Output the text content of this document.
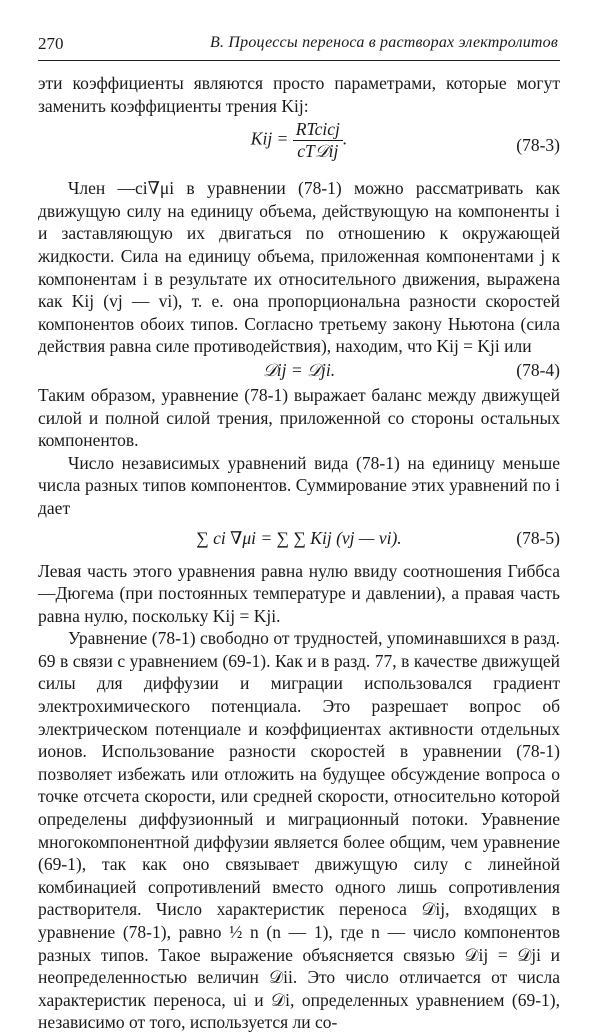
270	В. Процессы переноса в растворах электролитов

эти коэффициенты являются просто параметрами, которые могут заменить коэффициенты трения Kij:

Kij = $\frac{\text{RTcicj}}{\text{cT𝒟ij}}$ .	(78-3)

Член —ci∇μi в уравнении (78-1) можно рассматривать как движущую силу на единицу объема, действующую на компоненты i и заставляющую их двигаться по отношению к окружающей жидкости. Сила на единицу объема, приложенная компонентами j к компонентам i в результате их относительного движения, выражена как Kij (vj — vi), т. е. она пропорциональна разности скоростей компонентов обоих типов. Согласно третьему закону Ньютона (сила действия равна силе противодействия), находим, что Kij = Kji или

𝒟ij = 𝒟ji.	(78-4)

Таким образом, уравнение (78-1) выражает баланс между движущей силой и полной силой трения, приложенной со стороны остальных компонентов.

Число независимых уравнений вида (78-1) на единицу меньше числа разных типов компонентов. Суммирование этих уравнений по i дает

∑ ci ∇μi = ∑ ∑ Kij (vj — vi).	(78-5)

Левая часть этого уравнения равна нулю ввиду соотношения Гиббса—Дюгема (при постоянных температуре и давлении), а правая часть равна нулю, поскольку Kij = Kji.

Уравнение (78-1) свободно от трудностей, упоминавшихся в разд. 69 в связи с уравнением (69-1). Как и в разд. 77, в качестве движущей силы для диффузии и миграции использовался градиент электрохимического потенциала. Это разрешает вопрос об электрическом потенциале и коэффициентах активности отдельных ионов. Использование разности скоростей в уравнении (78-1) позволяет избежать или отложить на будущее обсуждение вопроса о точке отсчета скорости, или средней скорости, относительно которой определены диффузионный и миграционный потоки. Уравнение многокомпонентной диффузии является более общим, чем уравнение (69-1), так как оно связывает движущую силу с линейной комбинацией сопротивлений вместо одного лишь сопротивления растворителя. Число характеристик переноса 𝒟ij, входящих в уравнение (78-1), равно ½ n (n — 1), где n — число компонентов разных типов. Такое выражение объясняется связью 𝒟ij = 𝒟ji и неопределенностью величин 𝒟ii. Это число отличается от числа характеристик переноса, ui и 𝒟i, определенных уравнением (69-1), независимо от того, используется ли со-
